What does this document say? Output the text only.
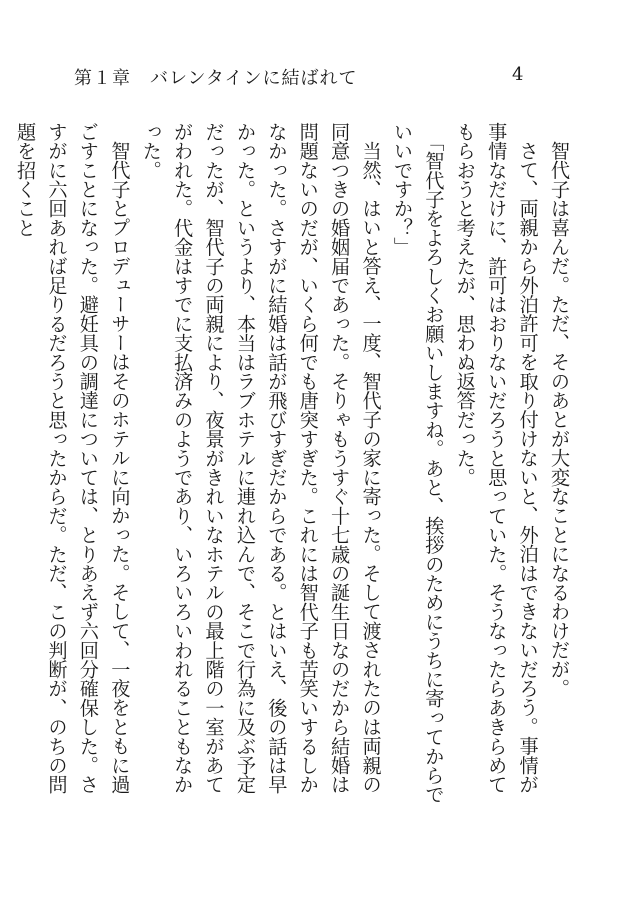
第１章　バレンタインに結ばれて	4

智代子は喜んだ。ただ、そのあとが大変なことになるわけだが。

さて、両親から外泊許可を取り付けないと、外泊はできないだろう。事情が事情なだけに、許可はおりないだろうと思っていた。そうなったらあきらめてもらおうと考えたが、思わぬ返答だった。

「智代子をよろしくお願いしますね。あと、挨拶のためにうちに寄ってからでいいですか？」

当然、はいと答え、一度、智代子の家に寄った。そして渡されたのは両親の同意つきの婚姻届であった。そりゃもうすぐ十七歳の誕生日なのだから結婚は問題ないのだが、いくら何でも唐突すぎた。これには智代子も苦笑いするしかなかった。さすがに結婚は話が飛びすぎだからである。とはいえ、後の話は早かった。というより、本当はラブホテルに連れ込んで、そこで行為に及ぶ予定だったが、智代子の両親により、夜景がきれいなホテルの最上階の一室があてがわれた。代金はすでに支払済みのようであり、いろいろいわれることもなかった。

智代子とプロデューサーはそのホテルに向かった。そして、一夜をともに過ごすことになった。避妊具の調達については、とりあえず六回分確保した。さすがに六回あれば足りるだろうと思ったからだ。ただ、この判断が、のちの問題を招くこと
